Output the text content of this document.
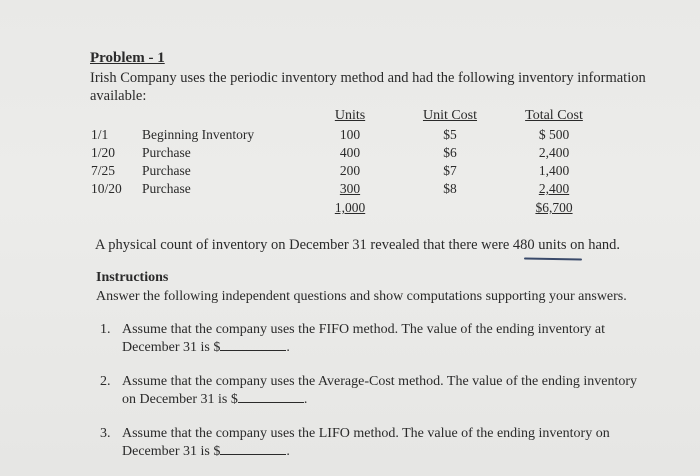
Problem - 1
Irish Company uses the periodic inventory method and had the following inventory information
available:
Units	Unit Cost	Total Cost
1/1 Beginning Inventory	100	$5	$ 500
1/20 Purchase	400	$6	2,400
7/25 Purchase	200	$7	1,400
10/20 Purchase	300	$8	2,400
1,000	$6,700
A physical count of inventory on December 31 revealed that there were 480 units on hand.
Instructions
Answer the following independent questions and show computations supporting your answers.
1. Assume that the company uses the FIFO method. The value of the ending inventory at
December 31 is $	.
2. Assume that the company uses the Average-Cost method. The value of the ending inventory
on December 31 is $	.
3. Assume that the company uses the LIFO method. The value of the ending inventory on
December 31 is $	.
